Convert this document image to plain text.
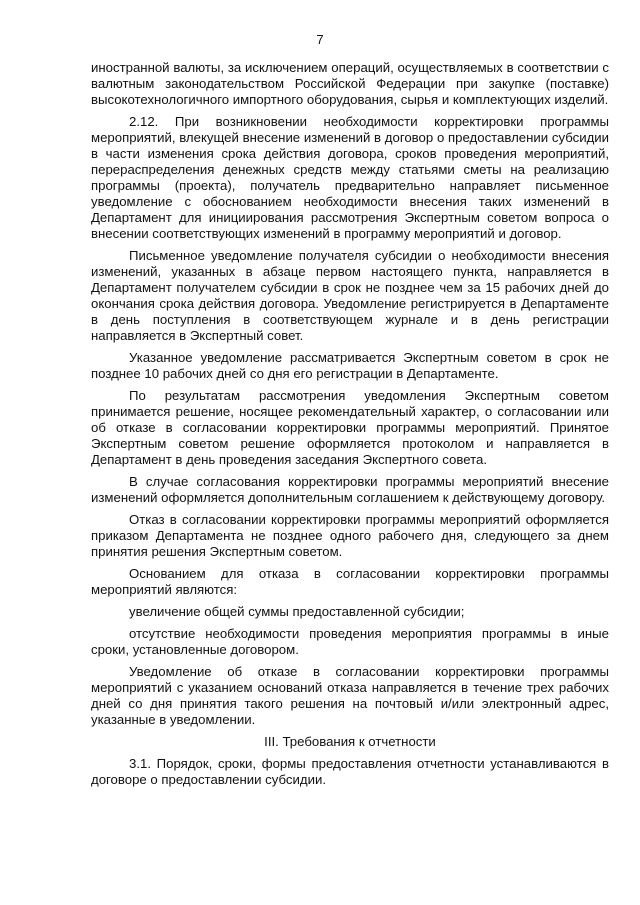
7

иностранной валюты, за исключением операций, осуществляемых в соответствии с валютным законодательством Российской Федерации при закупке (поставке) высокотехнологичного импортного оборудования, сырья и комплектующих изделий.

2.12. При возникновении необходимости корректировки программы мероприятий, влекущей внесение изменений в договор о предоставлении субсидии в части изменения срока действия договора, сроков проведения мероприятий, перераспределения денежных средств между статьями сметы на реализацию программы (проекта), получатель предварительно направляет письменное уведомление с обоснованием необходимости внесения таких изменений в Департамент для инициирования рассмотрения Экспертным советом вопроса о внесении соответствующих изменений в программу мероприятий и договор.

Письменное уведомление получателя субсидии о необходимости внесения изменений, указанных в абзаце первом настоящего пункта, направляется в Департамент получателем субсидии в срок не позднее чем за 15 рабочих дней до окончания срока действия договора. Уведомление регистрируется в Департаменте в день поступления в соответствующем журнале и в день регистрации направляется в Экспертный совет.

Указанное уведомление рассматривается Экспертным советом в срок не позднее 10 рабочих дней со дня его регистрации в Департаменте.

По результатам рассмотрения уведомления Экспертным советом принимается решение, носящее рекомендательный характер, о согласовании или об отказе в согласовании корректировки программы мероприятий. Принятое Экспертным советом решение оформляется протоколом и направляется в Департамент в день проведения заседания Экспертного совета.

В случае согласования корректировки программы мероприятий внесение изменений оформляется дополнительным соглашением к действующему договору.

Отказ в согласовании корректировки программы мероприятий оформляется приказом Департамента не позднее одного рабочего дня, следующего за днем принятия решения Экспертным советом.

Основанием для отказа в согласовании корректировки программы мероприятий являются:

увеличение общей суммы предоставленной субсидии;

отсутствие необходимости проведения мероприятия программы в иные сроки, установленные договором.

Уведомление об отказе в согласовании корректировки программы мероприятий с указанием оснований отказа направляется в течение трех рабочих дней со дня принятия такого решения на почтовый и/или электронный адрес, указанные в уведомлении.

III. Требования к отчетности

3.1. Порядок, сроки, формы предоставления отчетности устанавливаются в договоре о предоставлении субсидии.
